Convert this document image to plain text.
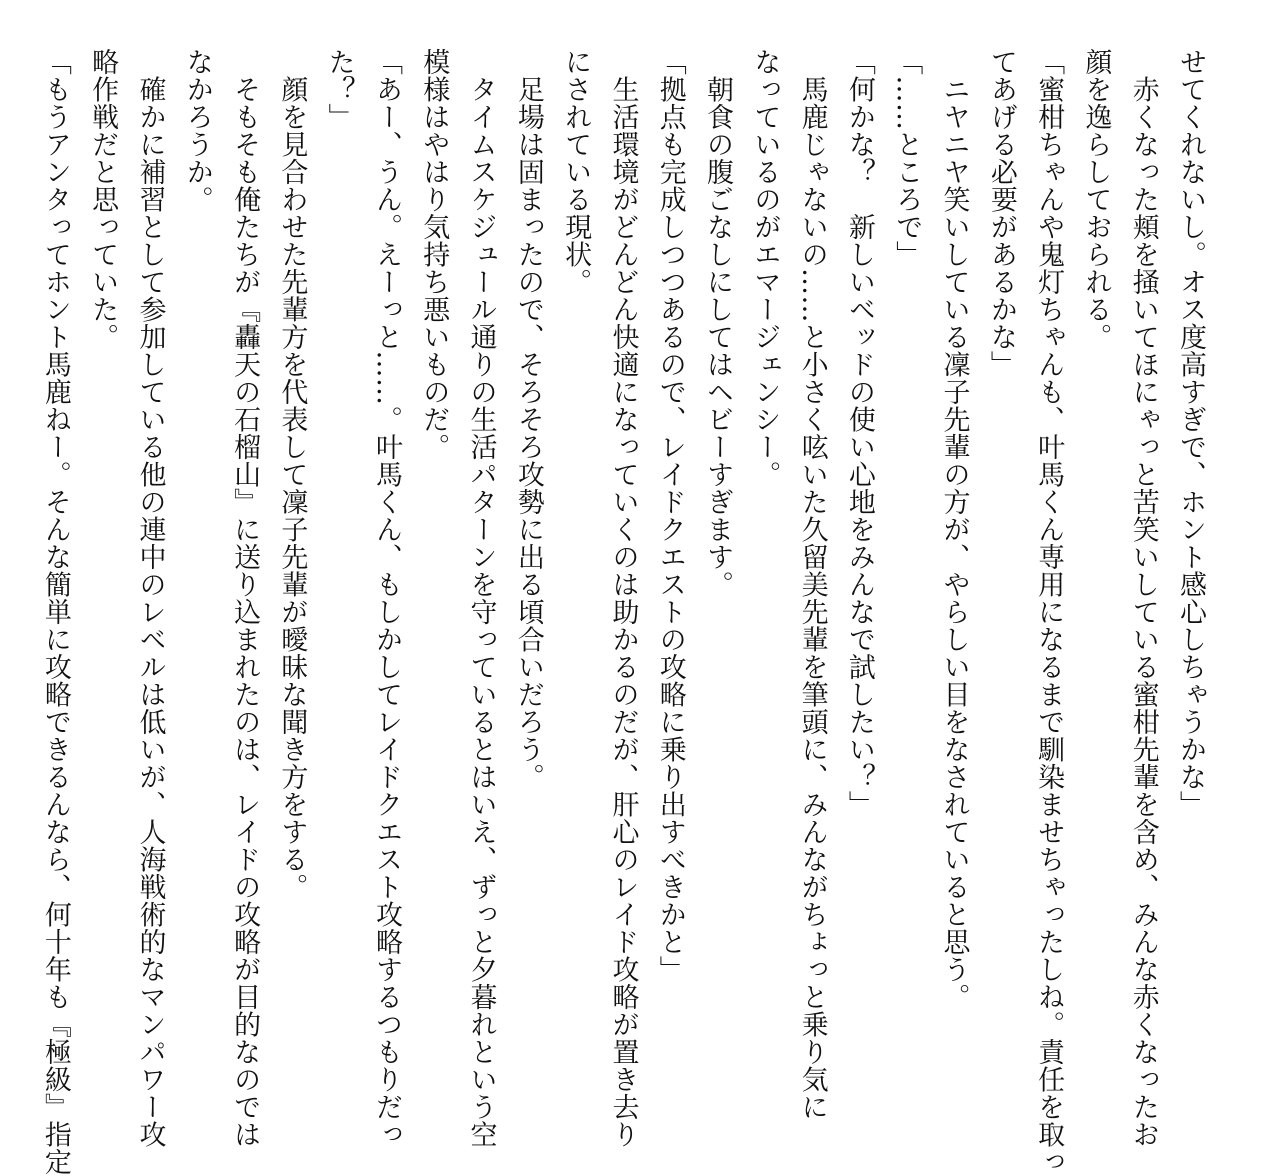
せてくれないし。オス度高すぎで、ホント感心しちゃうかな」
　赤くなった頬を掻いてほにゃっと苦笑いしている蜜柑先輩を含め、みんな赤くなったお
顔を逸らしておられる。
「蜜柑ちゃんや鬼灯ちゃんも、叶馬くん専用になるまで馴染ませちゃったしね。責任を取っ
てあげる必要があるかな」
　ニヤニヤ笑いしている凜子先輩の方が、やらしい目をなされていると思う。
「……ところで」
「何かな？　新しいベッドの使い心地をみんなで試したい？」
　馬鹿じゃないの……と小さく呟いた久留美先輩を筆頭に、みんながちょっと乗り気に
なっているのがエマージェンシー。
　朝食の腹ごなしにしてはヘビーすぎます。
「拠点も完成しつつあるので、レイドクエストの攻略に乗り出すべきかと」
　生活環境がどんどん快適になっていくのは助かるのだが、肝心のレイド攻略が置き去り
にされている現状。
　足場は固まったので、そろそろ攻勢に出る頃合いだろう。
　タイムスケジュール通りの生活パターンを守っているとはいえ、ずっと夕暮れという空
模様はやはり気持ち悪いものだ。
「あー、うん。えーっと……。叶馬くん、もしかしてレイドクエスト攻略するつもりだっ
た？」
　顔を見合わせた先輩方を代表して凜子先輩が曖昧な聞き方をする。
　そもそも俺たちが『轟天の石榴山』に送り込まれたのは、レイドの攻略が目的なのでは
なかろうか。
　確かに補習として参加している他の連中のレベルは低いが、人海戦術的なマンパワー攻
略作戦だと思っていた。
「もうアンタってホント馬鹿ねー。そんな簡単に攻略できるんなら、何十年も『極級』指定
